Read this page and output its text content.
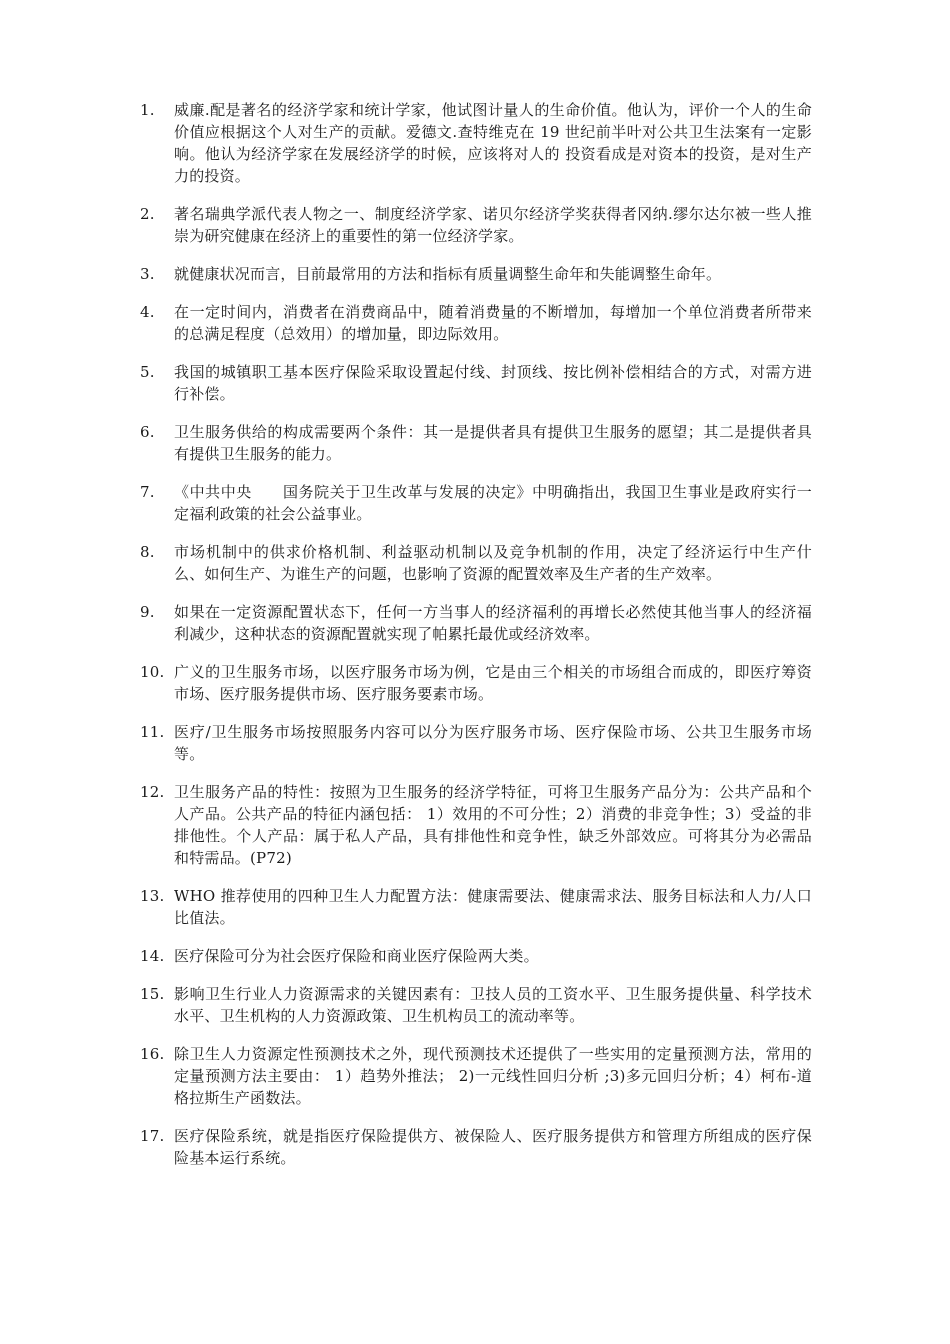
1.	威廉.配是著名的经济学家和统计学家，他试图计量人的生命价值。他认为，评价一个人的生命价值应根据这个人对生产的贡献。爱德文.查特维克在 19 世纪前半叶对公共卫生法案有一定影响。他认为经济学家在发展经济学的时候，应该将对人的 投资看成是对资本的投资，是对生产力的投资。
2.	著名瑞典学派代表人物之一、制度经济学家、诺贝尔经济学奖获得者冈纳.缪尔达尔被一些人推崇为研究健康在经济上的重要性的第一位经济学家。
3.	就健康状况而言，目前最常用的方法和指标有质量调整生命年和失能调整生命年。
4.	在一定时间内，消费者在消费商品中，随着消费量的不断增加，每增加一个单位消费者所带来的总满足程度（总效用）的增加量，即边际效用。
5.	我国的城镇职工基本医疗保险采取设置起付线、封顶线、按比例补偿相结合的方式，对需方进行补偿。
6.	卫生服务供给的构成需要两个条件：其一是提供者具有提供卫生服务的愿望；其二是提供者具有提供卫生服务的能力。
7.	《中共中央　　国务院关于卫生改革与发展的决定》中明确指出，我国卫生事业是政府实行一定福利政策的社会公益事业。
8.	市场机制中的供求价格机制、利益驱动机制以及竞争机制的作用，决定了经济运行中生产什么、如何生产、为谁生产的问题，也影响了资源的配置效率及生产者的生产效率。
9.	如果在一定资源配置状态下，任何一方当事人的经济福利的再增长必然使其他当事人的经济福利减少，这种状态的资源配置就实现了帕累托最优或经济效率。
10. 广义的卫生服务市场，以医疗服务市场为例，它是由三个相关的市场组合而成的，即医疗筹资市场、医疗服务提供市场、医疗服务要素市场。
11. 医疗/卫生服务市场按照服务内容可以分为医疗服务市场、医疗保险市场、公共卫生服务市场等。
12. 卫生服务产品的特性：按照为卫生服务的经济学特征，可将卫生服务产品分为：公共产品和个人产品。公共产品的特征内涵包括： 1）效用的不可分性；2）消费的非竞争性；3）受益的非排他性。个人产品：属于私人产品，具有排他性和竞争性，缺乏外部效应。可将其分为必需品和特需品。(P72)
13. WHO 推荐使用的四种卫生人力配置方法：健康需要法、健康需求法、服务目标法和人力/人口比值法。
14. 医疗保险可分为社会医疗保险和商业医疗保险两大类。
15. 影响卫生行业人力资源需求的关键因素有：卫技人员的工资水平、卫生服务提供量、科学技术水平、卫生机构的人力资源政策、卫生机构员工的流动率等。
16. 除卫生人力资源定性预测技术之外，现代预测技术还提供了一些实用的定量预测方法，常用的定量预测方法主要由： 1）趋势外推法； 2)一元线性回归分析 ;3)多元回归分析；4）柯布-道格拉斯生产函数法。
17. 医疗保险系统，就是指医疗保险提供方、被保险人、医疗服务提供方和管理方所组成的医疗保险基本运行系统。
